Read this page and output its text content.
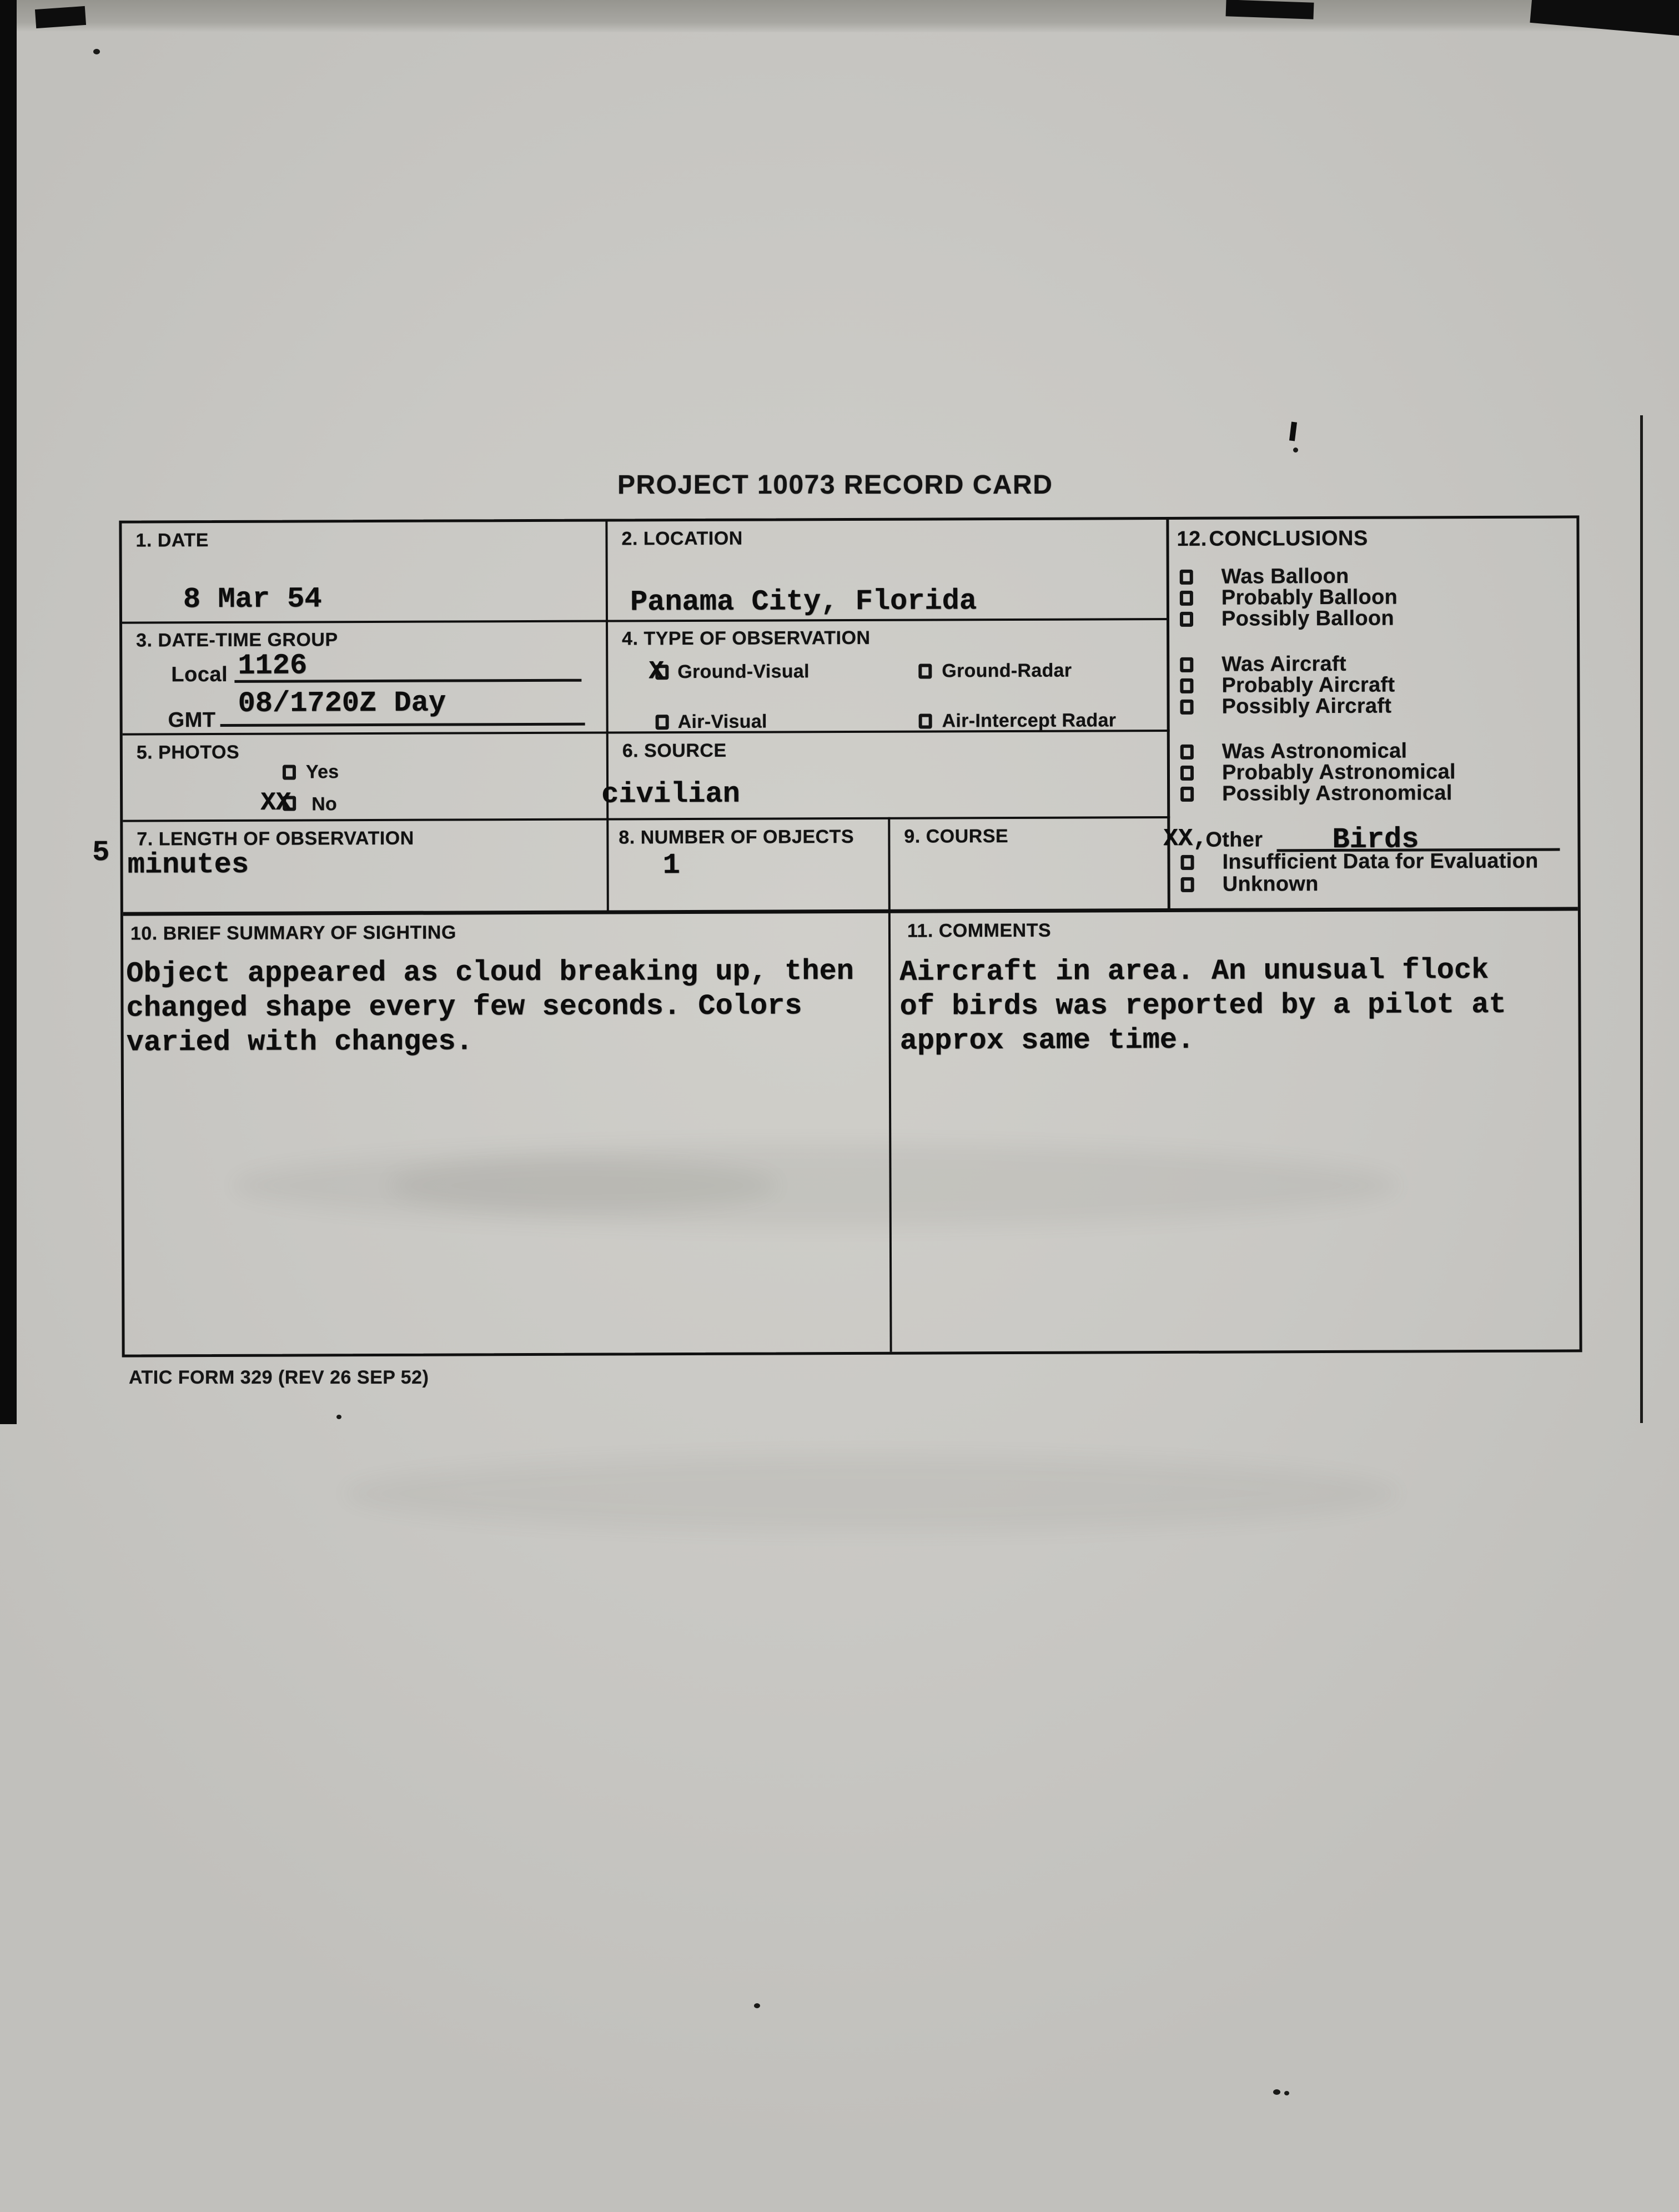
PROJECT 10073 RECORD CARD
5
1. DATE
8 Mar 54
2. LOCATION
Panama City, Florida
3. DATE-TIME GROUP
Local 1126
GMT
08/1720Z Day
4. TYPE OF OBSERVATION
X Ground-Visual	Ground-Radar
Air-Visual	Air-Intercept Radar
5. PHOTOS
Yes
XX No
6. SOURCE
civilian
7. LENGTH OF OBSERVATION
minutes
8. NUMBER OF OBJECTS
1
9. COURSE
10. BRIEF SUMMARY OF SIGHTING
Object appeared as cloud breaking up, then
changed shape every few seconds. Colors
varied with changes.
11. COMMENTS
Aircraft in area. An unusual flock
of birds was reported by a pilot at
approx same time.
12. CONCLUSIONS
Was Balloon
Probably Balloon
Possibly Balloon
Was Aircraft
Probably Aircraft
Possibly Aircraft
Was Astronomical
Probably Astronomical
Possibly Astronomical
XX,
Other Birds
Insufficient Data for Evaluation
Unknown
ATIC FORM 329 (REV 26 SEP 52)
